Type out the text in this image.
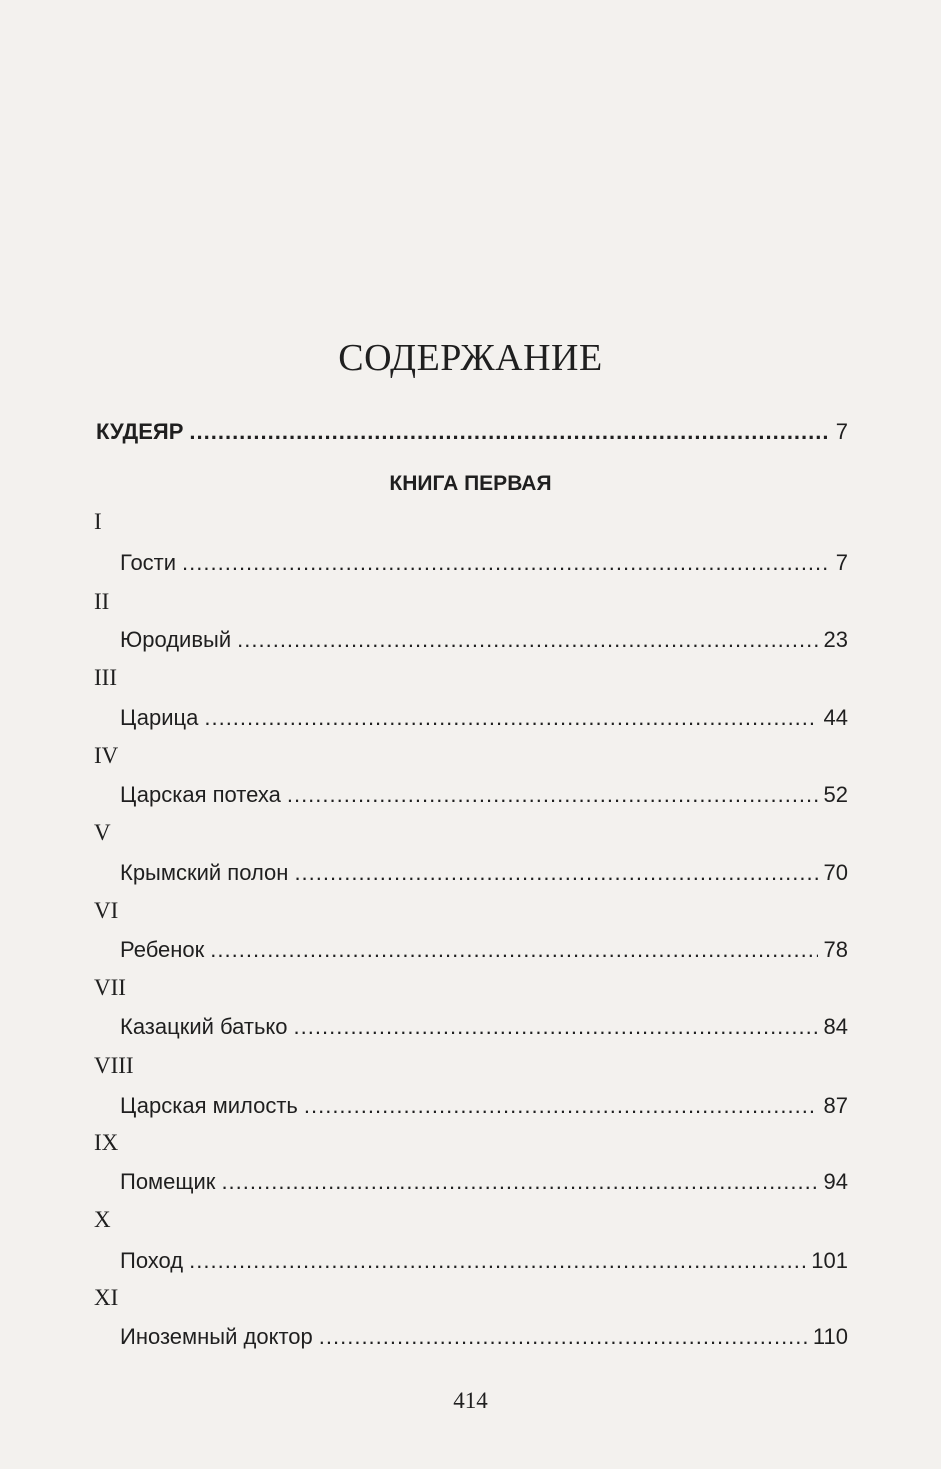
СОДЕРЖАНИЕ
КУДЕЯР .....	7
КНИГА ПЕРВАЯ
I
Гости .....	7
II
Юродивый .....	23
III
Царица .....	44
IV
Царская потеха .....	52
V
Крымский полон .....	70
VI
Ребенок .....	78
VII
Казацкий батько .....	84
VIII
Царская милость .....	87
IX
Помещик .....	94
X
Поход .....	101
XI
Иноземный доктор .....	110
414
